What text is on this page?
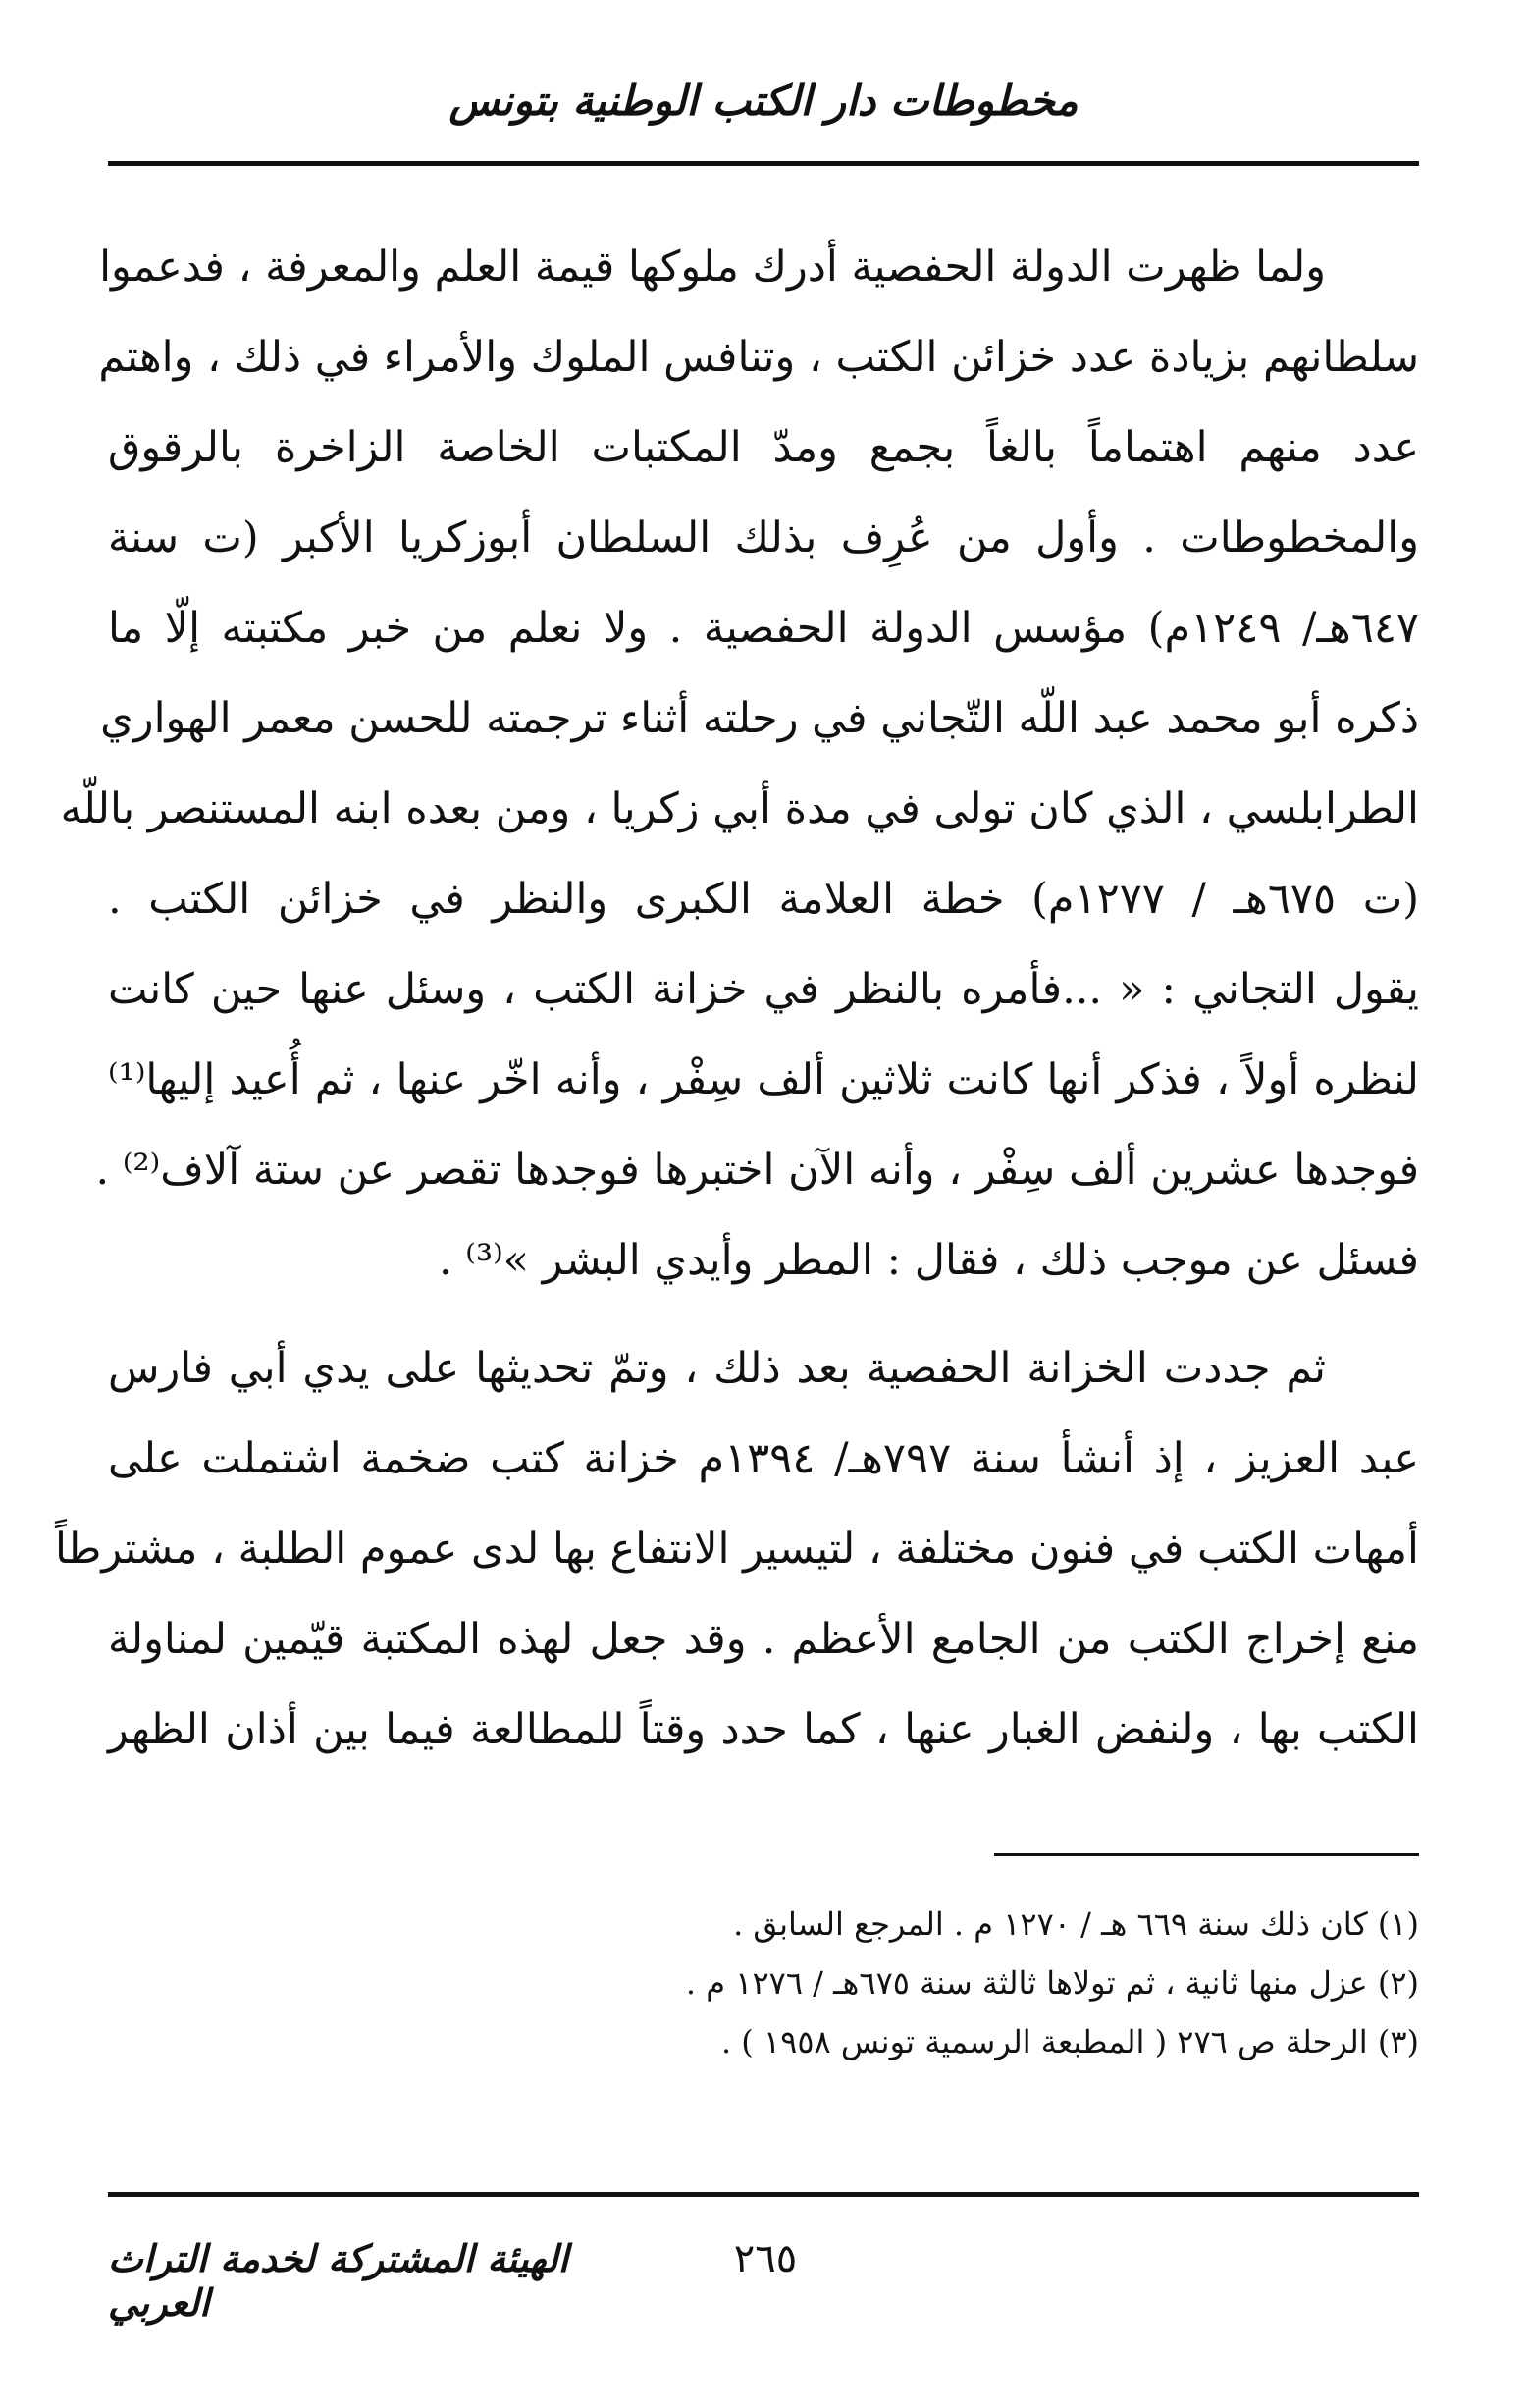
مخطوطات دار الكتب الوطنية بتونس
ولما ظهرت الدولة الحفصية أدرك ملوكها قيمة العلم والمعرفة ، فدعموا
سلطانهم بزيادة عدد خزائن الكتب ، وتنافس الملوك والأمراء في ذلك ، واهتم
عدد منهم اهتماماً بالغاً بجمع ومدّ المكتبات الخاصة الزاخرة بالرقوق
والمخطوطات . وأول من عُرِف بذلك السلطان أبوزكريا الأكبر (ت سنة
٦٤٧هـ/ ١٢٤٩م) مؤسس الدولة الحفصية . ولا نعلم من خبر مكتبته إلّا ما
ذكره أبو محمد عبد اللّه التّجاني في رحلته أثناء ترجمته للحسن معمر الهواري
الطرابلسي ، الذي كان تولى في مدة أبي زكريا ، ومن بعده ابنه المستنصر باللّه
(ت ٦٧٥هـ / ١٢٧٧م) خطة العلامة الكبرى والنظر في خزائن الكتب .
يقول التجاني : « ...فأمره بالنظر في خزانة الكتب ، وسئل عنها حين كانت
لنظره أولاً ، فذكر أنها كانت ثلاثين ألف سِفْر ، وأنه اخّر عنها ، ثم أُعيد إليها⁽¹⁾
فوجدها عشرين ألف سِفْر ، وأنه الآن اختبرها فوجدها تقصر عن ستة آلاف⁽²⁾ .
فسئل عن موجب ذلك ، فقال : المطر وأيدي البشر »⁽³⁾ .
ثم جددت الخزانة الحفصية بعد ذلك ، وتمّ تحديثها على يدي أبي فارس
عبد العزيز ، إذ أنشأ سنة ٧٩٧هـ/ ١٣٩٤م خزانة كتب ضخمة اشتملت على
أمهات الكتب في فنون مختلفة ، لتيسير الانتفاع بها لدى عموم الطلبة ، مشترطاً
منع إخراج الكتب من الجامع الأعظم . وقد جعل لهذه المكتبة قيّمين لمناولة
الكتب بها ، ولنفض الغبار عنها ، كما حدد وقتاً للمطالعة فيما بين أذان الظهر
(١) كان ذلك سنة ٦٦٩ هـ / ١٢٧٠ م . المرجع السابق .
(٢) عزل منها ثانية ، ثم تولاها ثالثة سنة ٦٧٥هـ / ١٢٧٦ م .
(٣) الرحلة ص ٢٧٦ ( المطبعة الرسمية تونس ١٩٥٨ ) .
٢٦٥
الهيئة المشتركة لخدمة التراث العربي
